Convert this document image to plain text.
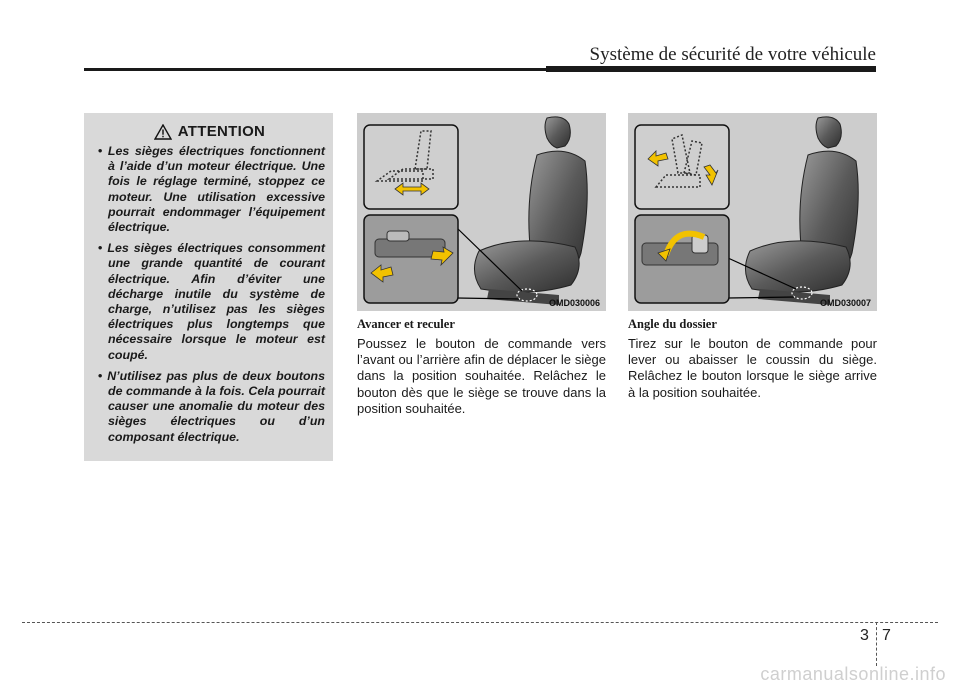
Système de sécurité de votre véhicule
ATTENTION
• Les sièges électriques fonctionnent à l’aide d’un moteur électrique. Une fois le réglage terminé, stoppez ce moteur. Une utilisation excessive pourrait endommager l’équipement électrique.
• Les sièges électriques consomment une grande quantité de courant électrique. Afin d’éviter une décharge inutile du système de charge, n’utilisez pas les sièges électriques plus longtemps que nécessaire lorsque le moteur est coupé.
• N’utilisez pas plus de deux boutons de commande à la fois. Cela pourrait causer une anomalie du moteur des sièges électriques ou d’un composant électrique.
OMD030006	OMD030007
Avancer et reculer
Poussez le bouton de commande vers l’avant ou l’arrière afin de déplacer le siège dans la position souhaitée. Relâchez le bouton dès que le siège se trouve dans la position souhaitée.
Angle du dossier
Tirez sur le bouton de commande pour lever ou abaisser le coussin du siège. Relâchez le bouton lorsque le siège arrive à la position souhaitée.
3 7
carmanualsonline.info
